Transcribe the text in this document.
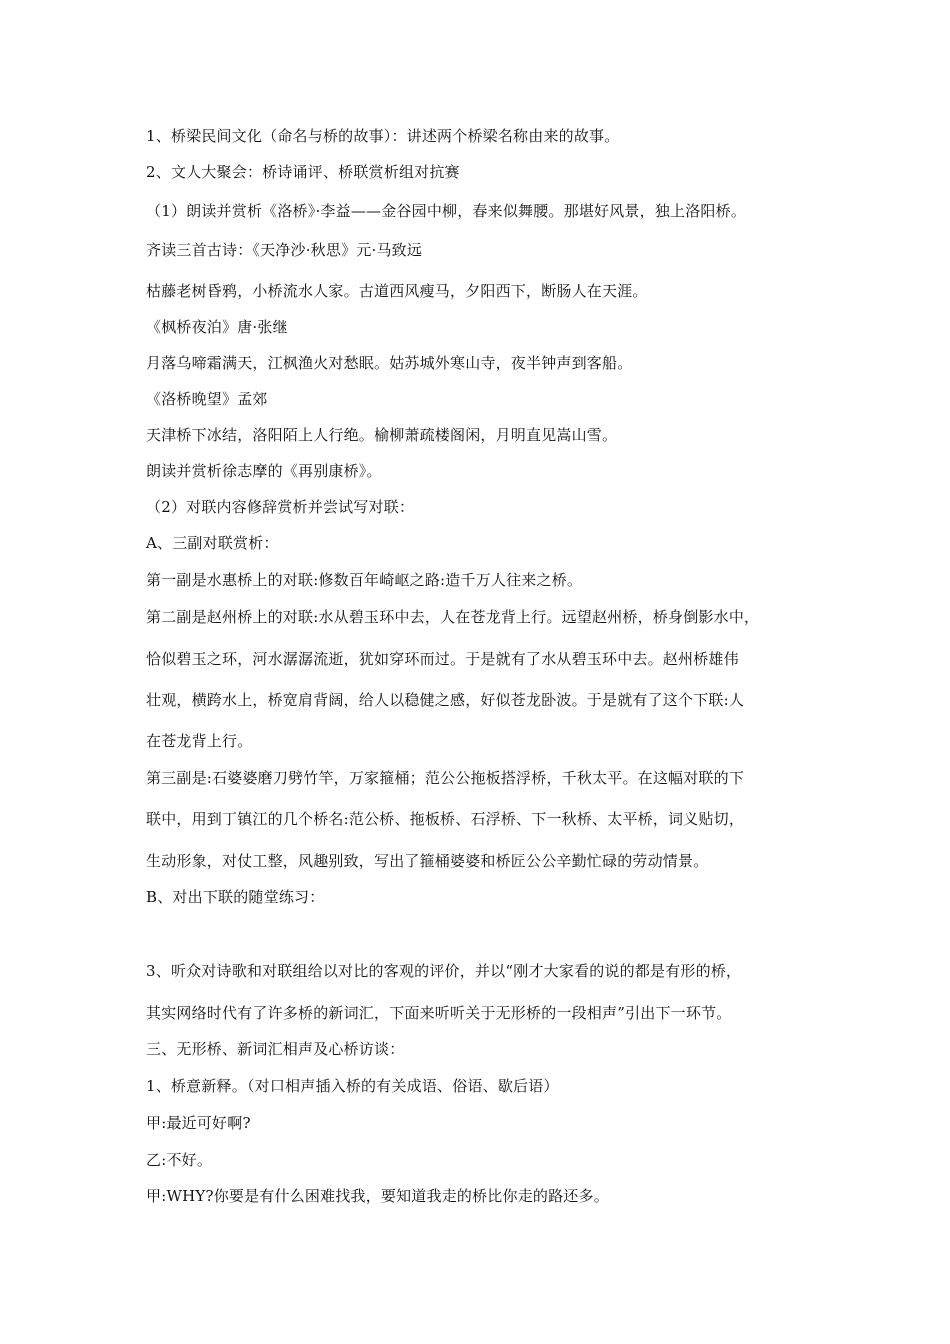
1、桥梁民间文化（命名与桥的故事）：讲述两个桥梁名称由来的故事。
2、文人大聚会：桥诗诵评、桥联赏析组对抗赛
（1）朗读并赏析《洛桥》·李益——金谷园中柳，春来似舞腰。那堪好风景，独上洛阳桥。
齐读三首古诗：《天净沙·秋思》元·马致远
枯藤老树昏鸦，小桥流水人家。古道西风瘦马，夕阳西下，断肠人在天涯。
《枫桥夜泊》唐·张继
月落乌啼霜满天，江枫渔火对愁眠。姑苏城外寒山寺，夜半钟声到客船。
《洛桥晚望》孟郊
天津桥下冰结，洛阳陌上人行绝。榆柳萧疏楼阁闲，月明直见嵩山雪。
朗读并赏析徐志摩的《再别康桥》。
（2）对联内容修辞赏析并尝试写对联：
A、三副对联赏析：
第一副是水惠桥上的对联:修数百年崎岖之路:造千万人往来之桥。
第二副是赵州桥上的对联:水从碧玉环中去，人在苍龙背上行。远望赵州桥，桥身倒影水中，
恰似碧玉之环，河水潺潺流逝，犹如穿环而过。于是就有了水从碧玉环中去。赵州桥雄伟
壮观，横跨水上，桥宽肩背阔，给人以稳健之感，好似苍龙卧波。于是就有了这个下联:人
在苍龙背上行。
第三副是:石婆婆磨刀劈竹竿，万家箍桶；范公公拖板搭浮桥，千秋太平。在这幅对联的下
联中，用到丁镇江的几个桥名:范公桥、拖板桥、石浮桥、下一秋桥、太平桥，词义贴切，
生动形象，对仗工整，风趣别致，写出了箍桶婆婆和桥匠公公辛勤忙碌的劳动情景。
B、对出下联的随堂练习：
3、听众对诗歌和对联组给以对比的客观的评价，并以“刚才大家看的说的都是有形的桥，
其实网络时代有了许多桥的新词汇，下面来听听关于无形桥的一段相声”引出下一环节。
三、无形桥、新词汇相声及心桥访谈：
1、桥意新释。（对口相声插入桥的有关成语、俗语、歇后语）
甲:最近可好啊?
乙:不好。
甲:WHY?你要是有什么困难找我，要知道我走的桥比你走的路还多。
